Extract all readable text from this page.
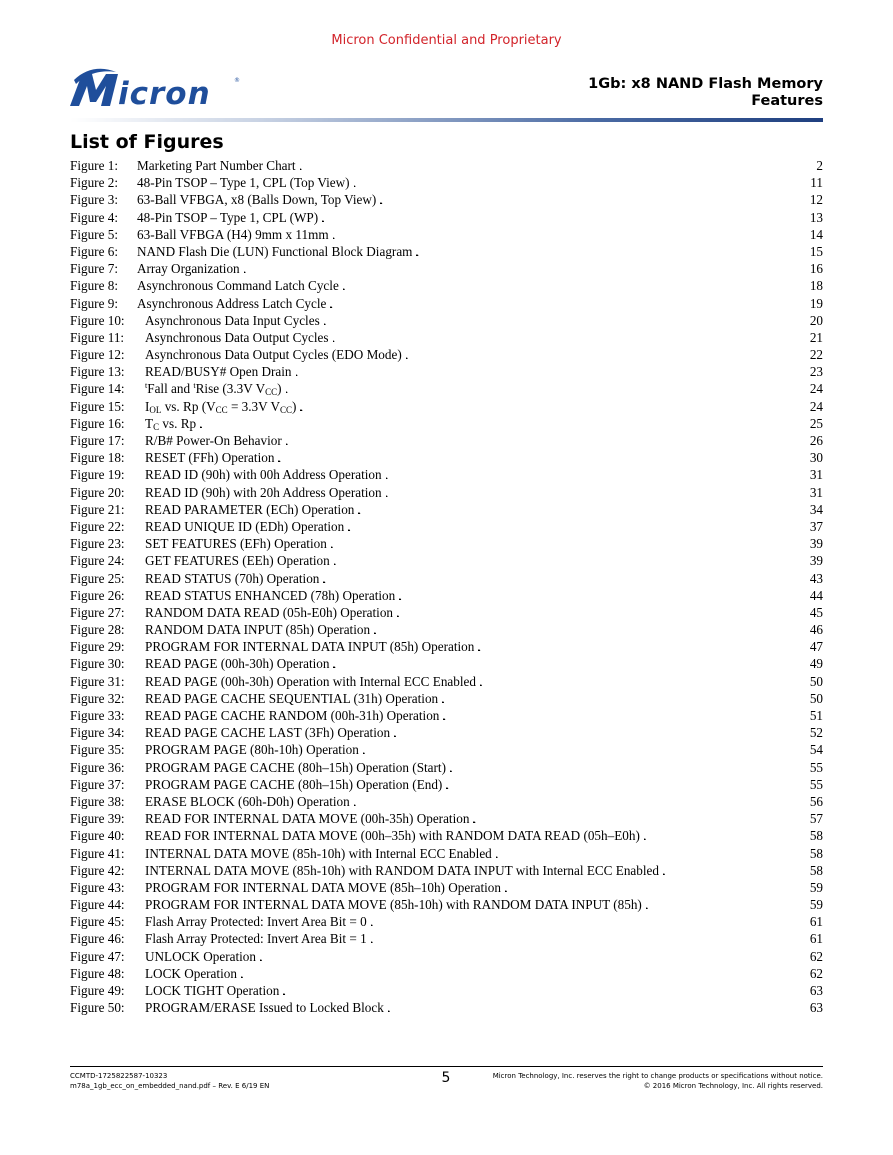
Micron Confidential and Proprietary
icron	®	1Gb: x8 NAND Flash Memory
Features
List of Figures
Figure 1:	Marketing Part Number Chart . . .	2
Figure 2:	48-Pin TSOP – Type 1, CPL (Top View) . . .	11
Figure 3:	63-Ball VFBGA, x8 (Balls Down, Top View) . . .	12
Figure 4:	48-Pin TSOP – Type 1, CPL (WP) . . .	13
Figure 5:	63-Ball VFBGA (H4) 9mm x 11mm . . .	14
Figure 6:	NAND Flash Die (LUN) Functional Block Diagram . . .	15
Figure 7:	Array Organization . . .	16
Figure 8:	Asynchronous Command Latch Cycle . . .	18
Figure 9:	Asynchronous Address Latch Cycle . . .	19
Figure 10:	Asynchronous Data Input Cycles . . .	20
Figure 11:	Asynchronous Data Output Cycles . . .	21
Figure 12:	Asynchronous Data Output Cycles (EDO Mode) . . .	22
Figure 13:	READ/BUSY# Open Drain . . .	23
Figure 14:	$^t$Fall and $^t$Rise (3.3V $V_{CC}$) . . .	24
Figure 15:	$I_{OL}$ vs. Rp ($V_{CC} = 3.3V$ $V_{CC}$) . . .	24
Figure 16:	$T_C$ vs. Rp . . .	25
Figure 17:	R/B# Power-On Behavior . . .	26
Figure 18:	RESET (FFh) Operation . . .	30
Figure 19:	READ ID (90h) with 00h Address Operation . . .	31
Figure 20:	READ ID (90h) with 20h Address Operation . . .	31
Figure 21:	READ PARAMETER (ECh) Operation . . .	34
Figure 22:	READ UNIQUE ID (EDh) Operation . . .	37
Figure 23:	SET FEATURES (EFh) Operation . . .	39
Figure 24:	GET FEATURES (EEh) Operation . . .	39
Figure 25:	READ STATUS (70h) Operation . . .	43
Figure 26:	READ STATUS ENHANCED (78h) Operation . . .	44
Figure 27:	RANDOM DATA READ (05h-E0h) Operation . . .	45
Figure 28:	RANDOM DATA INPUT (85h) Operation . . .	46
Figure 29:	PROGRAM FOR INTERNAL DATA INPUT (85h) Operation . . .	47
Figure 30:	READ PAGE (00h-30h) Operation . . .	49
Figure 31:	READ PAGE (00h-30h) Operation with Internal ECC Enabled . . .	50
Figure 32:	READ PAGE CACHE SEQUENTIAL (31h) Operation . . .	50
Figure 33:	READ PAGE CACHE RANDOM (00h-31h) Operation . . .	51
Figure 34:	READ PAGE CACHE LAST (3Fh) Operation . . .	52
Figure 35:	PROGRAM PAGE (80h-10h) Operation . . .	54
Figure 36:	PROGRAM PAGE CACHE (80h–15h) Operation (Start) . . .	55
Figure 37:	PROGRAM PAGE CACHE (80h–15h) Operation (End) . . .	55
Figure 38:	ERASE BLOCK (60h-D0h) Operation . . .	56
Figure 39:	READ FOR INTERNAL DATA MOVE (00h-35h) Operation . . .	57
Figure 40:	READ FOR INTERNAL DATA MOVE (00h–35h) with RANDOM DATA READ (05h–E0h) . . .	58
Figure 41:	INTERNAL DATA MOVE (85h-10h) with Internal ECC Enabled . . .	58
Figure 42:	INTERNAL DATA MOVE (85h-10h) with RANDOM DATA INPUT with Internal ECC Enabled . . .	58
Figure 43:	PROGRAM FOR INTERNAL DATA MOVE (85h–10h) Operation . . .	59
Figure 44:	PROGRAM FOR INTERNAL DATA MOVE (85h-10h) with RANDOM DATA INPUT (85h) . . .	59
Figure 45:	Flash Array Protected: Invert Area Bit = 0 . . .	61
Figure 46:	Flash Array Protected: Invert Area Bit = 1 . . .	61
Figure 47:	UNLOCK Operation . . .	62
Figure 48:	LOCK Operation . . .	62
Figure 49:	LOCK TIGHT Operation . . .	63
Figure 50:	PROGRAM/ERASE Issued to Locked Block . . .	63
CCMTD-1725822587-10323
m78a_1gb_ecc_on_embedded_nand.pdf – Rev. E 6/19 EN	5	Micron Technology, Inc. reserves the right to change products or specifications without notice.
© 2016 Micron Technology, Inc. All rights reserved.
